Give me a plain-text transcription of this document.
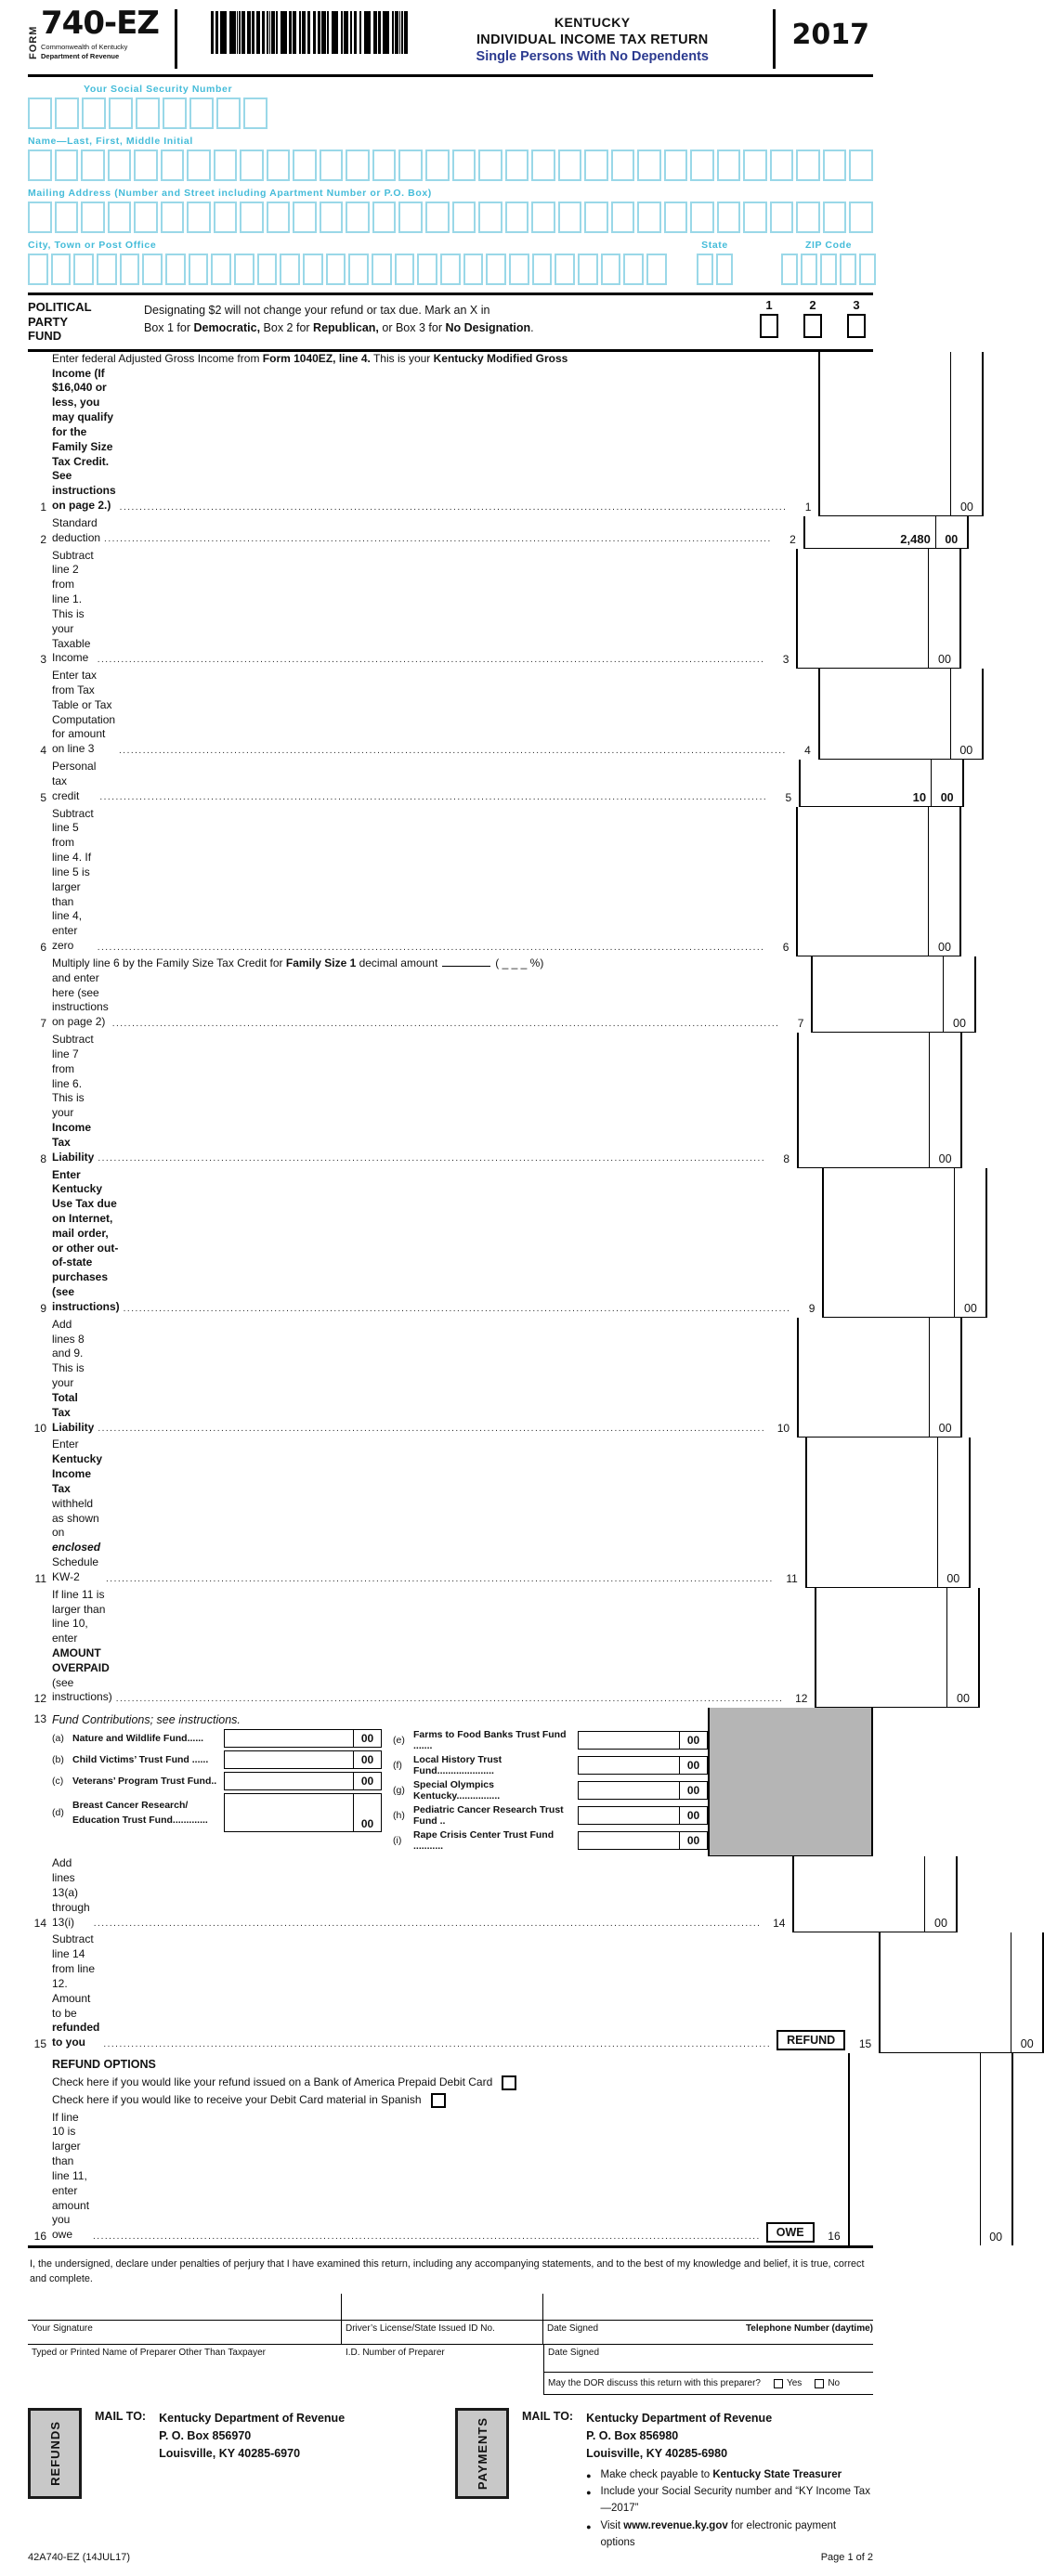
FORM
740-EZ
Commonwealth of Kentucky
Department of Revenue
KENTUCKY
INDIVIDUAL INCOME TAX RETURN
Single Persons With No Dependents
2017
Your Social Security Number
Name—Last, First, Middle Initial
Mailing Address (Number and Street including Apartment Number or P.O. Box)
City, Town or Post Office	State	ZIP Code
POLITICAL
PARTY
FUND
Designating $2 will not change your refund or tax due. Mark an X in
Box 1 for Democratic, Box 2 for Republican, or Box 3 for No Designation.
1	2	3
1
Enter federal Adjusted Gross Income from Form 1040EZ, line 4. This is your Kentucky Modified Gross
Income (If $16,040 or less, you may qualify for the Family Size Tax Credit. See instructions on page 2.) .....	1	00
2
Standard deduction .....	2	2,480	00
3
Subtract line 2 from line 1. This is your Taxable Income .....	3	00
4
Enter tax from Tax Table or Tax Computation for amount on line 3 .....	4	00
5
Personal tax credit .....	5	10	00
6
Subtract line 5 from line 4. If line 5 is larger than line 4, enter zero .....	6	00
7
Multiply line 6 by the Family Size Tax Credit for Family Size 1 decimal amount	( _ _ _ %)
and enter here (see instructions on page 2) .....	7	00
8
Subtract line 7 from line 6. This is your Income Tax Liability .....	8	00
9
Enter Kentucky Use Tax due on Internet, mail order, or other out-of-state purchases (see instructions) .....	9	00
10
Add lines 8 and 9. This is your Total Tax Liability .....	10	00
11
Enter Kentucky Income Tax withheld as shown on enclosed Schedule KW-2 .....	11	00
12
If line 11 is larger than line 10, enter AMOUNT OVERPAID (see instructions) .....	12	00
13 Fund Contributions; see instructions.
(a) Nature and Wildlife Fund......	00
(b) Child Victims’ Trust Fund ......	00
(c) Veterans’ Program Trust Fund..	00
(d)
Breast Cancer Research/
Education Trust Fund.............	00
(e) Farms to Food Banks Trust Fund .......	00
(f)	Local History Trust Fund.....................	00
(g) Special Olympics Kentucky................	00
(h) Pediatric Cancer Research Trust Fund ..	00
(i)	Rape Crisis Center Trust Fund ...........	00
14
Add lines 13(a) through 13(i) .....	14	00
15
Subtract line 14 from line 12. Amount to be refunded to you .....	REFUND	15	00
16
REFUND OPTIONS
Check here if you would like your refund issued on a Bank of America Prepaid Debit Card
Check here if you would like to receive your Debit Card material in Spanish
If line 10 is larger than line 11, enter amount you owe .....	OWE	16	00

I, the undersigned, declare under penalties of perjury that I have examined this return, including any accompanying statements, and to the best of my knowledge and belief, it is true, correct and complete.

Your Signature	Driver’s License/State Issued ID No.	Date Signed	Telephone Number (daytime)
Typed or Printed Name of Preparer Other Than Taxpayer	I.D. Number of Preparer	Date Signed
May the DOR discuss this return with this preparer?	Yes	No
REFUNDS
MAIL TO: Kentucky Department of Revenue
P. O. Box 856970
Louisville, KY 40285-6970	PAYMENTS
MAIL TO: Kentucky Department of Revenue
P. O. Box 856980
Louisville, KY 40285-6980
● Make check payable to Kentucky State Treasurer
● Include your Social Security number and “KY Income Tax—2017”
● Visit www.revenue.ky.gov for electronic payment options
42A740-EZ (14JUL17)	Page 1 of 2
